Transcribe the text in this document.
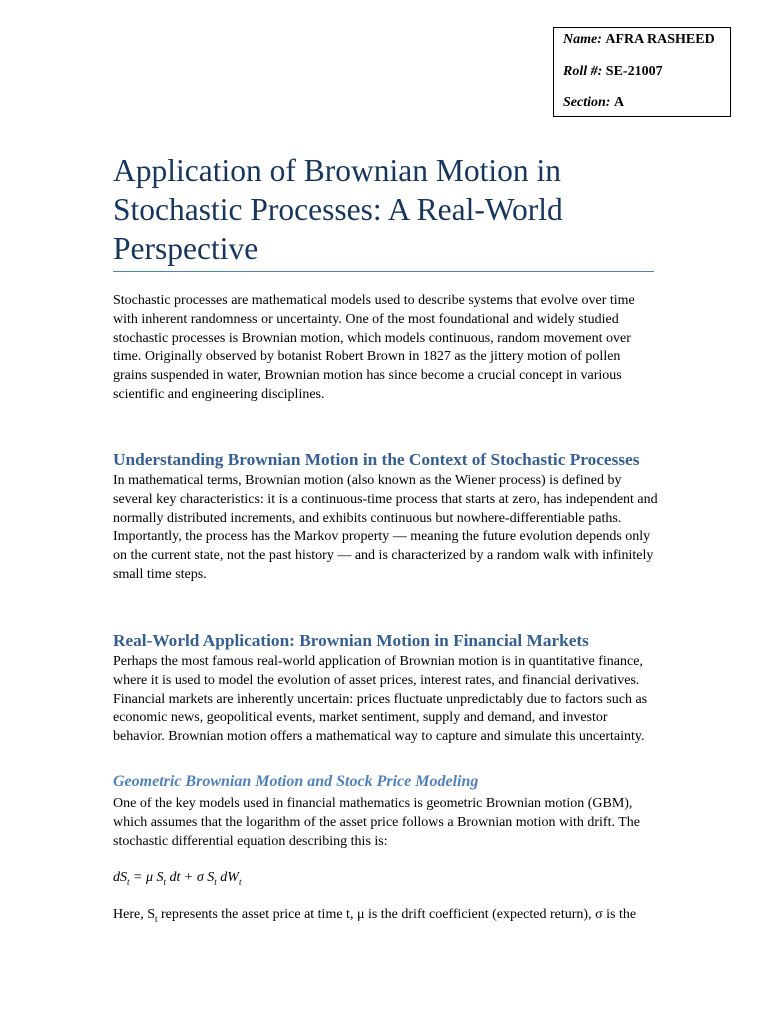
Name: AFRA RASHEED
Roll #: SE-21007
Section: A
Application of Brownian Motion in Stochastic Processes: A Real-World Perspective

Stochastic processes are mathematical models used to describe systems that evolve over time with inherent randomness or uncertainty. One of the most foundational and widely studied stochastic processes is Brownian motion, which models continuous, random movement over time. Originally observed by botanist Robert Brown in 1827 as the jittery motion of pollen grains suspended in water, Brownian motion has since become a crucial concept in various scientific and engineering disciplines.

Understanding Brownian Motion in the Context of Stochastic Processes

In mathematical terms, Brownian motion (also known as the Wiener process) is defined by several key characteristics: it is a continuous-time process that starts at zero, has independent and normally distributed increments, and exhibits continuous but nowhere-differentiable paths. Importantly, the process has the Markov property — meaning the future evolution depends only on the current state, not the past history — and is characterized by a random walk with infinitely small time steps.

Real-World Application: Brownian Motion in Financial Markets

Perhaps the most famous real-world application of Brownian motion is in quantitative finance, where it is used to model the evolution of asset prices, interest rates, and financial derivatives. Financial markets are inherently uncertain: prices fluctuate unpredictably due to factors such as economic news, geopolitical events, market sentiment, supply and demand, and investor behavior. Brownian motion offers a mathematical way to capture and simulate this uncertainty.

Geometric Brownian Motion and Stock Price Modeling

One of the key models used in financial mathematics is geometric Brownian motion (GBM), which assumes that the logarithm of the asset price follows a Brownian motion with drift. The stochastic differential equation describing this is:

$dS_t = \mu$ $S_t$ dt + σ $S_t$ $dW_t$

Here, $S_t$ represents the asset price at time t, μ is the drift coefficient (expected return), σ is the
